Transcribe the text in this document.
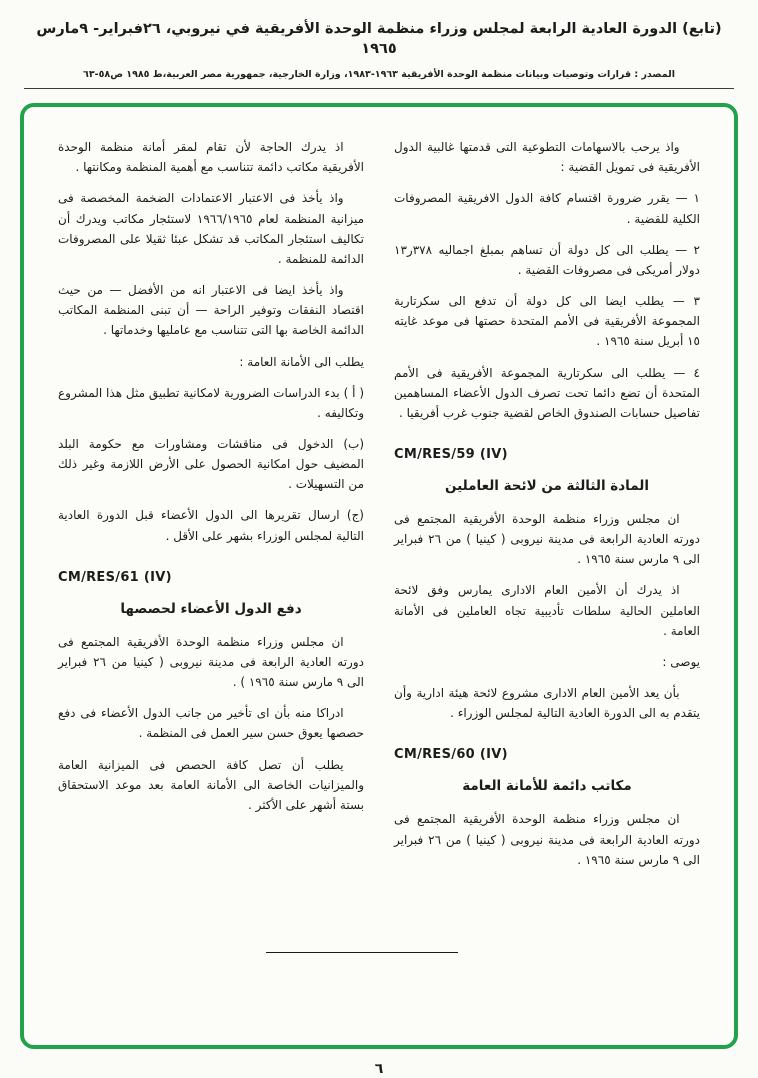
(تابع) الدورة العادية الرابعة لمجلس وزراء منظمة الوحدة الأفريقية في نيروبي، ٢٦فبراير- ٩مارس ١٩٦٥
المصدر : قرارات وتوصيات وبيانات منظمة الوحدة الأفريقية ١٩٦٣-١٩٨٣، وزارة الخارجية، جمهورية مصر العربية،ط ١٩٨٥ ص٥٨-٦٣

واذ يرحب بالاسهامات التطوعية التى قدمتها غالبية الدول الأفريقية فى تمويل القضية :

١ — يقرر ضرورة اقتسام كافة الدول الافريقية المصروفات الكلية للقضية .

٢ — يطلب الى كل دولة أن تساهم بمبلغ اجماليه ٣٧٨ر١٣ دولار أمريكى فى مصروفات القضية .

٣ — يطلب ايضا الى كل دولة أن تدفع الى سكرتارية المجموعة الأفريقية فى الأمم المتحدة حصتها فى موعد غايته ١٥ أبريل سنة ١٩٦٥ .

٤ — يطلب الى سكرتارية المجموعة الأفريقية فى الأمم المتحدة أن تضع دائما تحت تصرف الدول الأعضاء المساهمين تفاصيل حسابات الصندوق الخاص لقضية جنوب غرب أفريقيا .

CM/RES/59 (IV)
المادة الثالثة من لائحة العاملين

ان مجلس وزراء منظمة الوحدة الأفريقية المجتمع فى دورته العادية الرابعة فى مدينة نيروبى ( كينيا ) من ٢٦ فبراير الى ٩ مارس سنة ١٩٦٥ .

اذ يدرك أن الأمين العام الادارى يمارس وفق لائحة العاملين الحالية سلطات تأديبية تجاه العاملين فى الأمانة العامة .

يوصى :

بأن يعد الأمين العام الادارى مشروع لائحة هيئة ادارية وأن يتقدم به الى الدورة العادية التالية لمجلس الوزراء .

CM/RES/60 (IV)
مكاتب دائمة للأمانة العامة

ان مجلس وزراء منظمة الوحدة الأفريقية المجتمع فى دورته العادية الرابعة فى مدينة نيروبى ( كينيا ) من ٢٦ فبراير الى ٩ مارس سنة ١٩٦٥ .

اذ يدرك الحاجة لأن تقام لمقر أمانة منظمة الوحدة الأفريقية مكاتب دائمة تتناسب مع أهمية المنظمة ومكانتها .

واذ يأخذ فى الاعتبار الاعتمادات الضخمة المخصصة فى ميزانية المنظمة لعام ١٩٦٦/١٩٦٥ لاستئجار مكاتب ويدرك أن تكاليف استئجار المكاتب قد تشكل عبئا ثقيلا على المصروفات الدائمة للمنظمة .

واذ يأخذ ايضا فى الاعتبار انه من الأفضل — من حيث اقتصاد النفقات وتوفير الراحة — أن تبنى المنظمة المكاتب الدائمة الخاصة بها التى تتناسب مع عامليها وخدماتها .

يطلب الى الأمانة العامة :

( أ ) بدء الدراسات الضرورية لامكانية تطبيق مثل هذا المشروع وتكاليفه .

(ب) الدخول فى مناقشات ومشاورات مع حكومة البلد المضيف حول امكانية الحصول على الأرض اللازمة وغير ذلك من التسهيلات .

(ج) ارسال تقريرها الى الدول الأعضاء قبل الدورة العادية التالية لمجلس الوزراء بشهر على الأقل .

CM/RES/61 (IV)
دفع الدول الأعضاء لحصصها

ان مجلس وزراء منظمة الوحدة الأفريقية المجتمع فى دورته العادية الرابعة فى مدينة نيروبى ( كينيا من ٢٦ فبراير الى ٩ مارس سنة ١٩٦٥ ) .

ادراكا منه بأن اى تأخير من جانب الدول الأعضاء فى دفع حصصها يعوق حسن سير العمل فى المنظمة .

يطلب أن تصل كافة الحصص فى الميزانية العامة والميزانيات الخاصة الى الأمانة العامة بعد موعد الاستحقاق بستة أشهر على الأكثر .

٦
